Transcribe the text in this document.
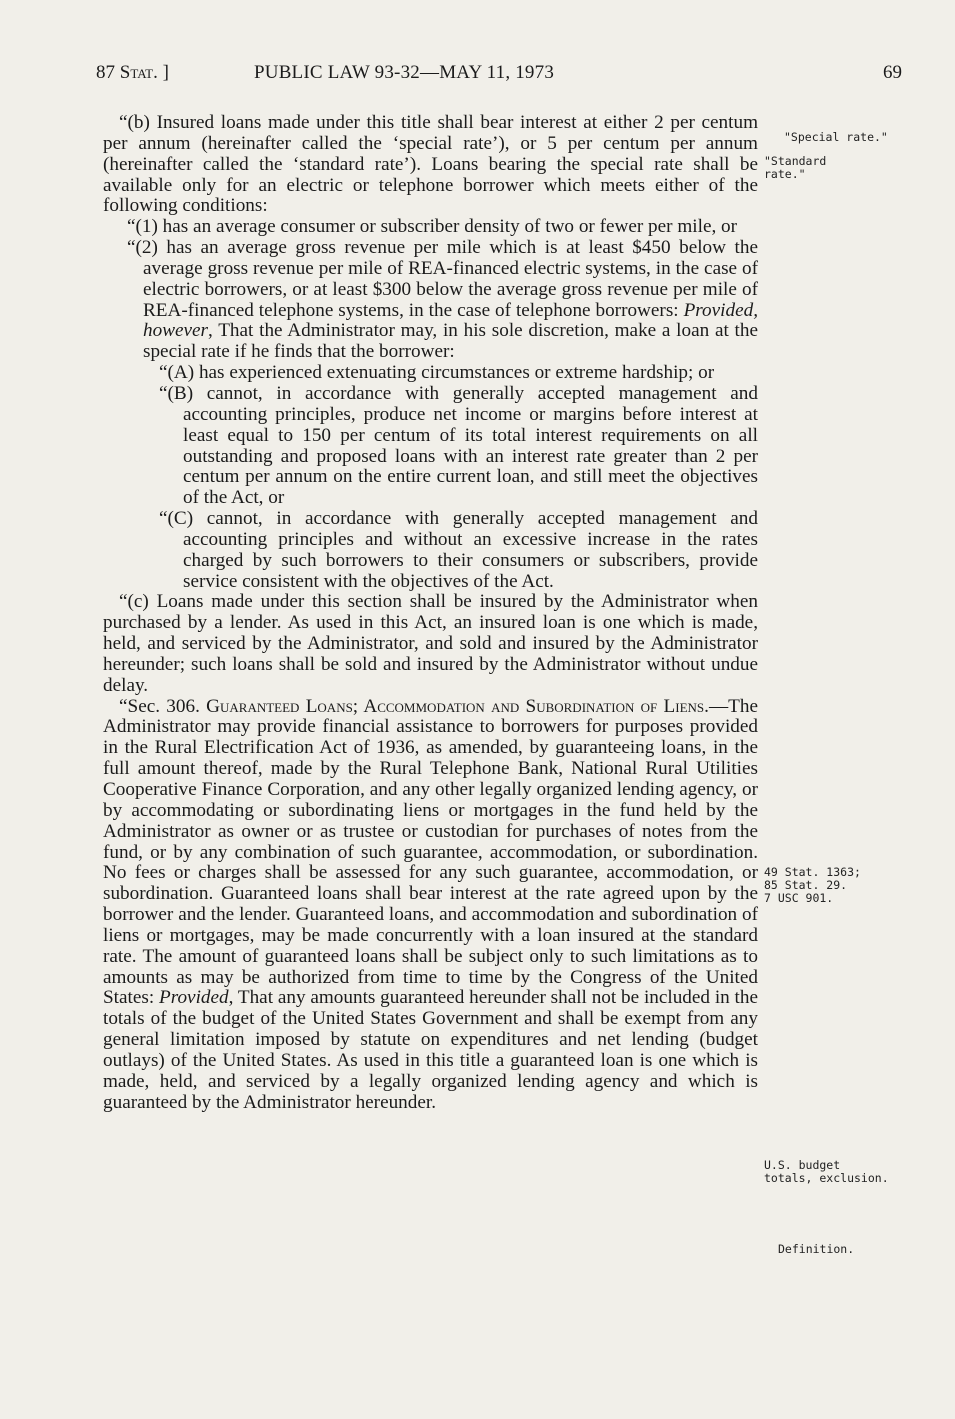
87 Stat. ]	PUBLIC LAW 93-32—MAY 11, 1973	69

“(b) Insured loans made under this title shall bear interest at either 2 per centum per annum (hereinafter called the ‘special rate’), or 5 per centum per annum (hereinafter called the ‘standard rate’). Loans bearing the special rate shall be available only for an electric or telephone borrower which meets either of the following conditions:

“(1) has an average consumer or subscriber density of two or fewer per mile, or

“(2) has an average gross revenue per mile which is at least $450 below the average gross revenue per mile of REA-financed electric systems, in the case of electric borrowers, or at least $300 below the average gross revenue per mile of REA-financed telephone systems, in the case of telephone borrowers: Provided, however, That the Administrator may, in his sole discretion, make a loan at the special rate if he finds that the borrower:

“(A) has experienced extenuating circumstances or extreme hardship; or

“(B) cannot, in accordance with generally accepted management and accounting principles, produce net income or margins before interest at least equal to 150 per centum of its total interest requirements on all outstanding and proposed loans with an interest rate greater than 2 per centum per annum on the entire current loan, and still meet the objectives of the Act, or

“(C) cannot, in accordance with generally accepted management and accounting principles and without an excessive increase in the rates charged by such borrowers to their consumers or subscribers, provide service consistent with the objectives of the Act.

“(c) Loans made under this section shall be insured by the Administrator when purchased by a lender. As used in this Act, an insured loan is one which is made, held, and serviced by the Administrator, and sold and insured by the Administrator hereunder; such loans shall be sold and insured by the Administrator without undue delay.

“Sec. 306. Guaranteed Loans; Accommodation and Subordination of Liens.—The Administrator may provide financial assistance to borrowers for purposes provided in the Rural Electrification Act of 1936, as amended, by guaranteeing loans, in the full amount thereof, made by the Rural Telephone Bank, National Rural Utilities Cooperative Finance Corporation, and any other legally organized lending agency, or by accommodating or subordinating liens or mortgages in the fund held by the Administrator as owner or as trustee or custodian for purchases of notes from the fund, or by any combination of such guarantee, accommodation, or subordination. No fees or charges shall be assessed for any such guarantee, accommodation, or subordination. Guaranteed loans shall bear interest at the rate agreed upon by the borrower and the lender. Guaranteed loans, and accommodation and subordination of liens or mortgages, may be made concurrently with a loan insured at the standard rate. The amount of guaranteed loans shall be subject only to such limitations as to amounts as may be authorized from time to time by the Congress of the United States: Provided, That any amounts guaranteed hereunder shall not be included in the totals of the budget of the United States Government and shall be exempt from any general limitation imposed by statute on expenditures and net lending (budget outlays) of the United States. As used in this title a guaranteed loan is one which is made, held, and serviced by a legally organized lending agency and which is guaranteed by the Administrator hereunder.

"Special rate."
"Standard
rate."
49 Stat. 1363;
85 Stat. 29.
7 USC 901.
U.S. budget
totals, exclusion.
Definition.
